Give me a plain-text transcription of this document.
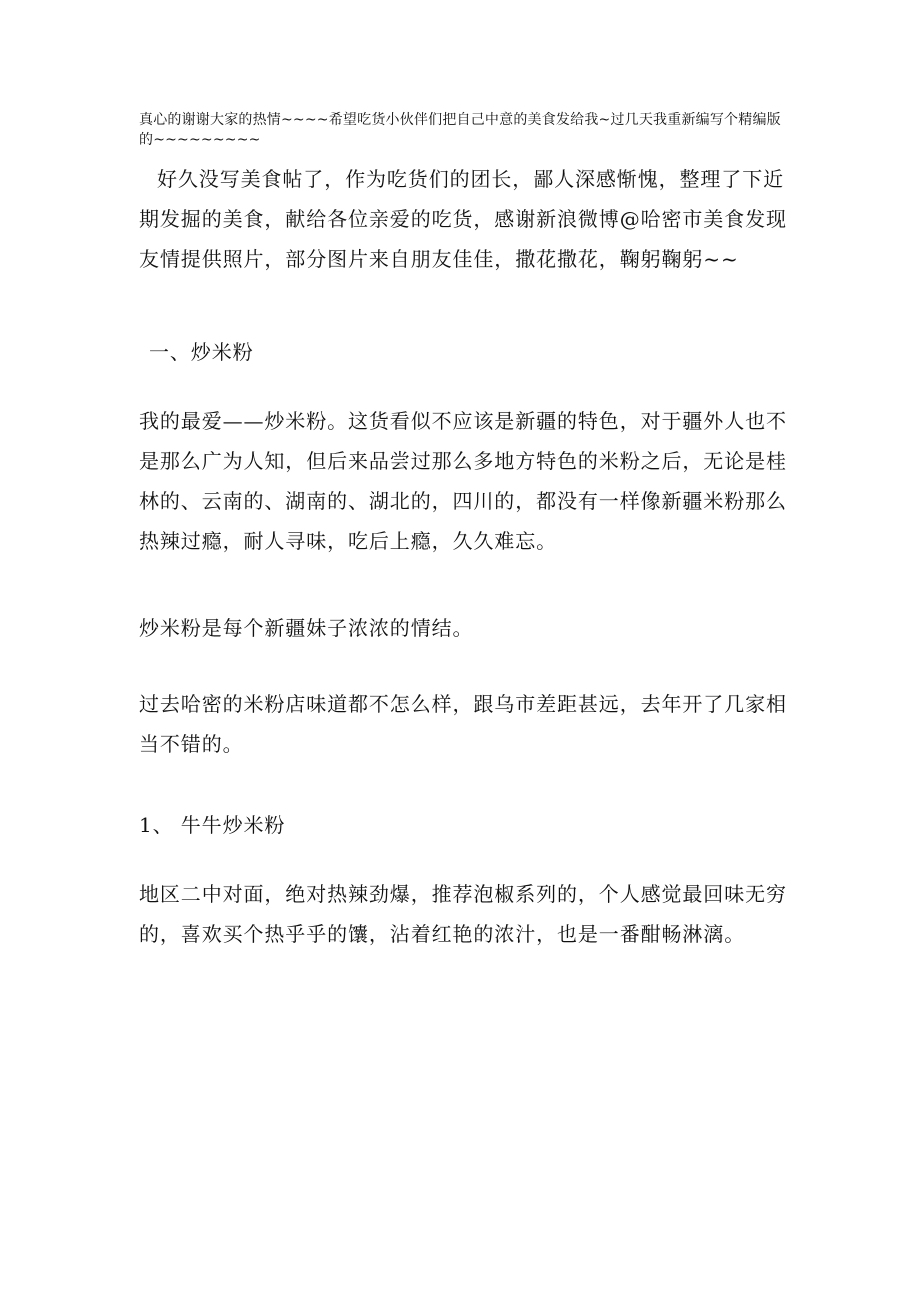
真心的谢谢大家的热情~~~~希望吃货小伙伴们把自己中意的美食发给我~过几天我重新编写个精编版的~~~~~~~~~
好久没写美食帖了，作为吃货们的团长，鄙人深感惭愧，整理了下近期发掘的美食，献给各位亲爱的吃货，感谢新浪微博@哈密市美食发现友情提供照片，部分图片来自朋友佳佳，撒花撒花，鞠躬鞠躬~~
一、炒米粉
我的最爱——炒米粉。这货看似不应该是新疆的特色，对于疆外人也不是那么广为人知，但后来品尝过那么多地方特色的米粉之后，无论是桂林的、云南的、湖南的、湖北的，四川的，都没有一样像新疆米粉那么热辣过瘾，耐人寻味，吃后上瘾，久久难忘。
炒米粉是每个新疆妹子浓浓的情结。
过去哈密的米粉店味道都不怎么样，跟乌市差距甚远，去年开了几家相当不错的。
1、 牛牛炒米粉
地区二中对面，绝对热辣劲爆，推荐泡椒系列的，个人感觉最回味无穷的，喜欢买个热乎乎的馕，沾着红艳的浓汁，也是一番酣畅淋漓。
